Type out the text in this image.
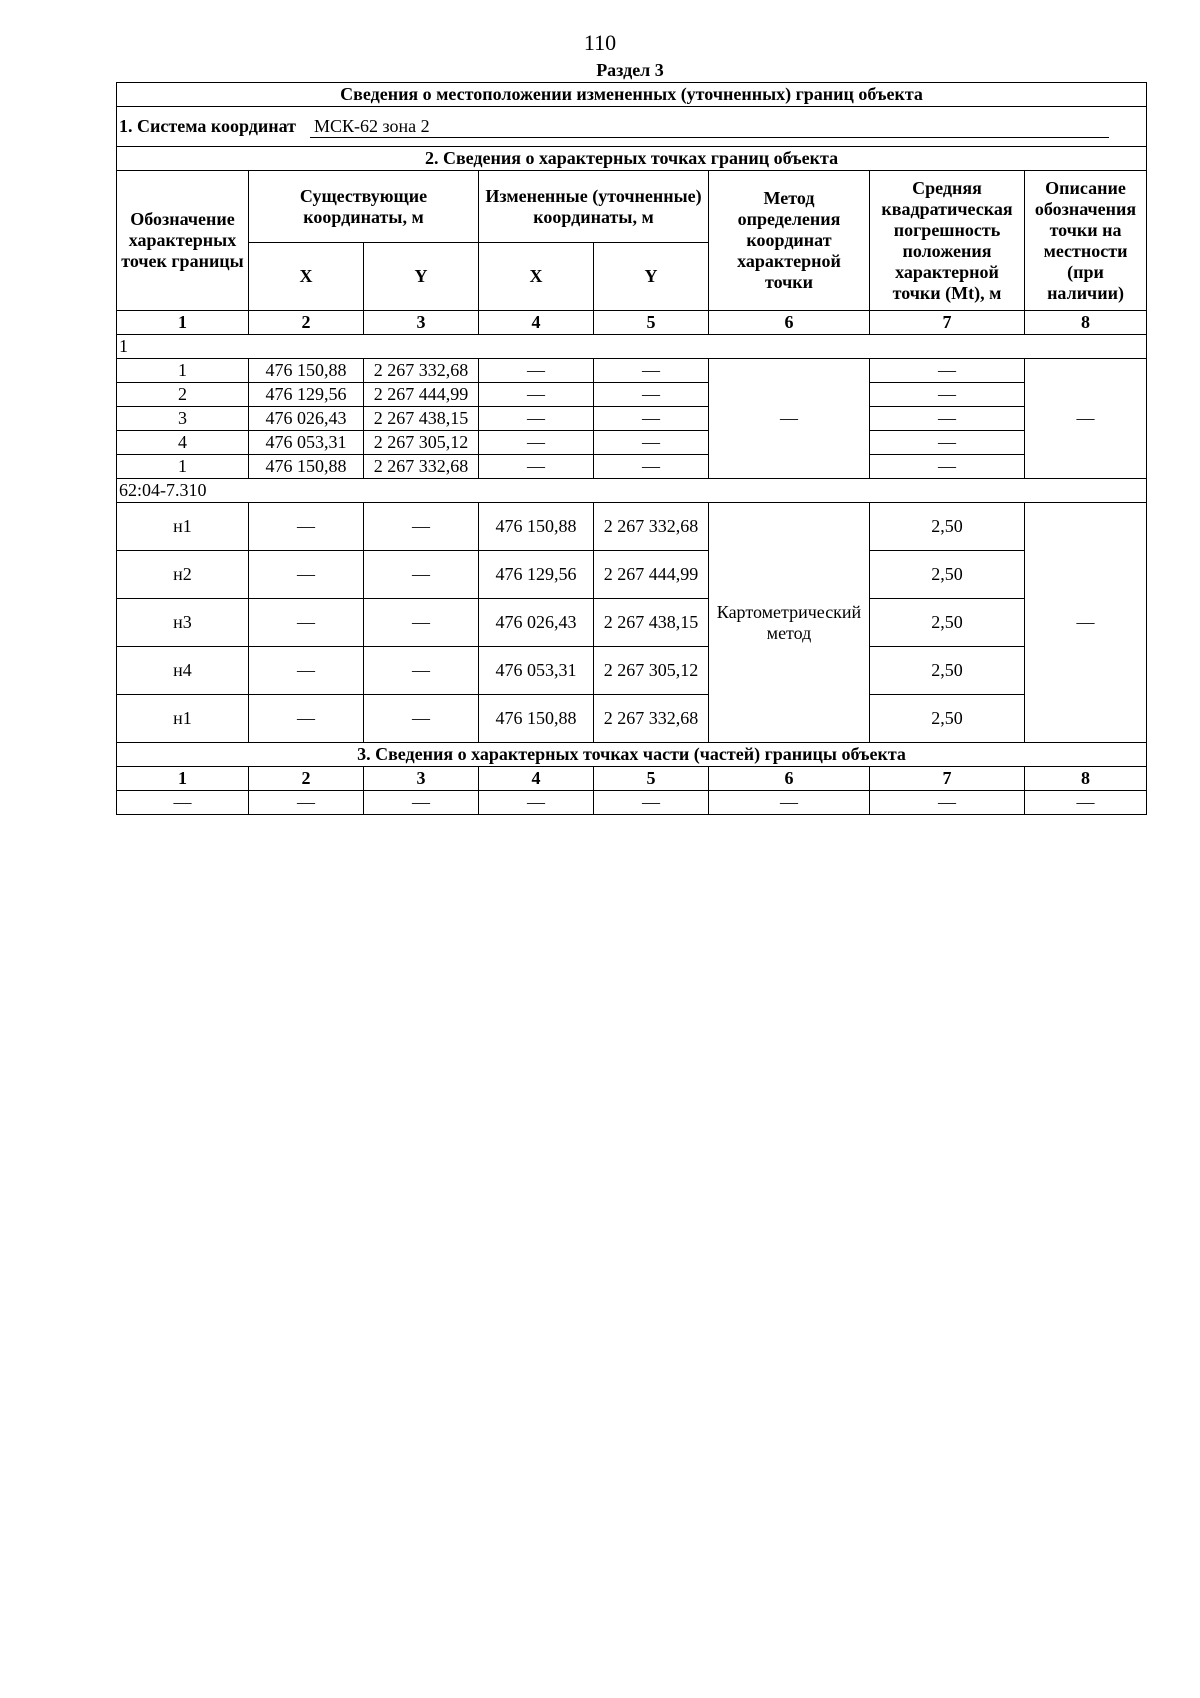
110
Раздел 3
Сведения о местоположении измененных (уточненных) границ объекта							
1. Система координат МСК-62 зона 2							
2. Сведения о характерных точках границ объекта							
Обозначение характерных точек границы	Существующие координаты, м		Измененные (уточненные) координаты, м		Метод определения координат характерной точки	Средняя квадратическая погрешность положения характерной точки (Mt), м	Описание обозначения точки на местности (при наличии)
	X	Y	X	Y			
1	2	3	4	5	6	7	8
1							
1	476 150,88	2 267 332,68	—	—	—	—	—
2	476 129,56	2 267 444,99	—	—		—	
3	476 026,43	2 267 438,15	—	—		—	
4	476 053,31	2 267 305,12	—	—		—	
1	476 150,88	2 267 332,68	—	—		—	
62:04-7.310							
н1	—	—	476 150,88	2 267 332,68	Картометрический метод	2,50	—
н2	—	—	476 129,56	2 267 444,99		2,50	
н3	—	—	476 026,43	2 267 438,15		2,50	
н4	—	—	476 053,31	2 267 305,12		2,50	
н1	—	—	476 150,88	2 267 332,68		2,50	
3. Сведения о характерных точках части (частей) границы объекта							
1	2	3	4	5	6	7	8
—	—	—	—	—	—	—	—
